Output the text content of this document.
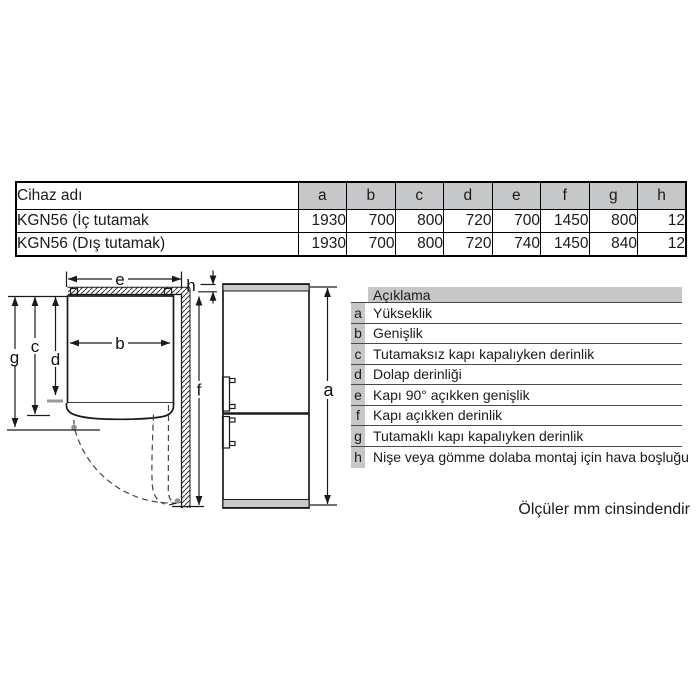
Cihaz adı	a	b	c	d	e	f	g	h
KGN56 (İç tutamak	1930	700	800	720	700	1450	800	12
KGN56 (Dış tutamak)	1930	700	800	720	740	1450	840	12
Açıklama
a Yükseklik
b Genişlik
c Tutamaksız kapı kapalıyken derinlik
d Dolap derinliği
e Kapı 90° açıkken genişlik
f Kapı açıkken derinlik
g Tutamaklı kapı kapalıyken derinlik
h Nişe veya gömme dolaba montaj için hava boşluğu
e	h
b
g
c
d
f	a
Ölçüler mm cinsindendir
